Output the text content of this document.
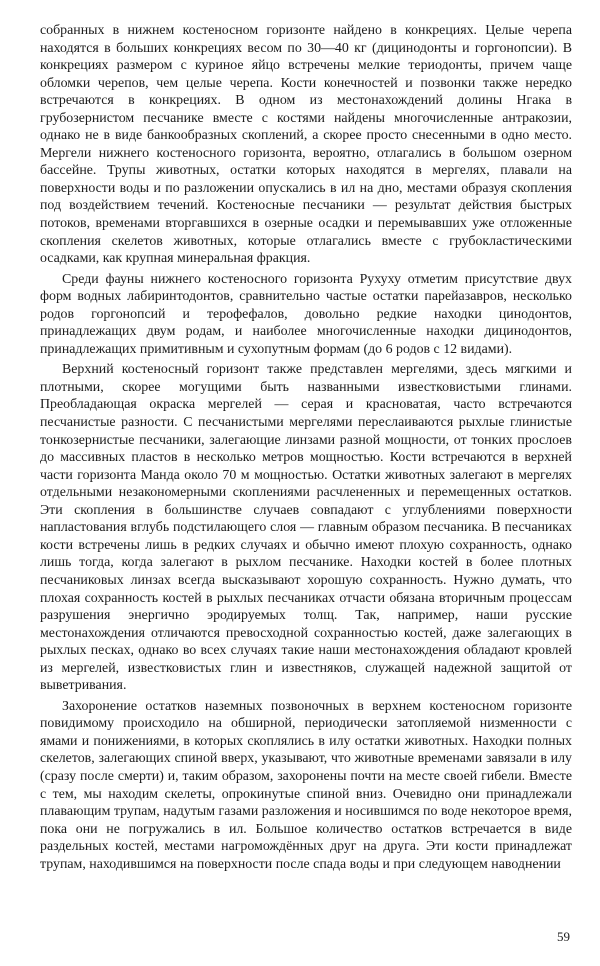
собранных в нижнем костеносном горизонте найдено в конкрециях. Целые черепа находятся в больших конкрециях весом по 30—40 кг (дицинодонты и горгонопсии). В конкрециях размером с куриное яйцо встречены мелкие териодонты, причем чаще обломки черепов, чем целые черепа. Кости конечностей и позвонки также нередко встречаются в конкрециях. В одном из местонахождений долины Нгака в грубозернистом песчанике вместе с костями найдены многочисленные антракозии, однако не в виде банкообразных скоплений, а скорее просто снесенными в одно место. Мергели нижнего костеносного горизонта, вероятно, отлагались в большом озерном бассейне. Трупы животных, остатки которых находятся в мергелях, плавали на поверхности воды и по разложении опускались в ил на дно, местами образуя скопления под воздействием течений. Костеносные песчаники — результат действия быстрых потоков, временами вторгавшихся в озерные осадки и перемывавших уже отложенные скопления скелетов животных, которые отлагались вместе с грубокластическими осадками, как крупная минеральная фракция.

Среди фауны нижнего костеносного горизонта Рухуху отметим присутствие двух форм водных лабиринтодонтов, сравнительно частые остатки парейазавров, несколько родов горгонопсий и терофефалов, довольно редкие находки цинодонтов, принадлежащих двум родам, и наиболее многочисленные находки дицинодонтов, принадлежащих примитивным и сухопутным формам (до 6 родов с 12 видами).

Верхний костеносный горизонт также представлен мергелями, здесь мягкими и плотными, скорее могущими быть названными известковистыми глинами. Преобладающая окраска мергелей — серая и красноватая, часто встречаются песчанистые разности. С песчанистыми мергелями переслаиваются рыхлые глинистые тонкозернистые песчаники, залегающие линзами разной мощности, от тонких прослоев до массивных пластов в несколько метров мощностью. Кости встречаются в верхней части горизонта Манда около 70 м мощностью. Остатки животных залегают в мергелях отдельными незакономерными скоплениями расчлененных и перемещенных остатков. Эти скопления в большинстве случаев совпадают с углублениями поверхности напластования вглубь подстилающего слоя — главным образом песчаника. В песчаниках кости встречены лишь в редких случаях и обычно имеют плохую сохранность, однако лишь тогда, когда залегают в рыхлом песчанике. Находки костей в более плотных песчаниковых линзах всегда высказывают хорошую сохранность. Нужно думать, что плохая сохранность костей в рыхлых песчаниках отчасти обязана вторичным процессам разрушения энергично эродируемых толщ. Так, например, наши русские местонахождения отличаются превосходной сохранностью костей, даже залегающих в рыхлых песках, однако во всех случаях такие наши местонахождения обладают кровлей из мергелей, известковистых глин и известняков, служащей надежной защитой от выветривания.

Захоронение остатков наземных позвоночных в верхнем костеносном горизонте повидимому происходило на обширной, периодически затопляемой низменности с ямами и понижениями, в которых скоплялись в илу остатки животных. Находки полных скелетов, залегающих спиной вверх, указывают, что животные временами завязали в илу (сразу после смерти) и, таким образом, захоронены почти на месте своей гибели. Вместе с тем, мы находим скелеты, опрокинутые спиной вниз. Очевидно они принадлежали плавающим трупам, надутым газами разложения и носившимся по воде некоторое время, пока они не погружались в ил. Большое количество остатков встречается в виде раздельных костей, местами нагромождённых друг на друга. Эти кости принадлежат трупам, находившимся на поверхности после спада воды и при следующем наводнении

59
